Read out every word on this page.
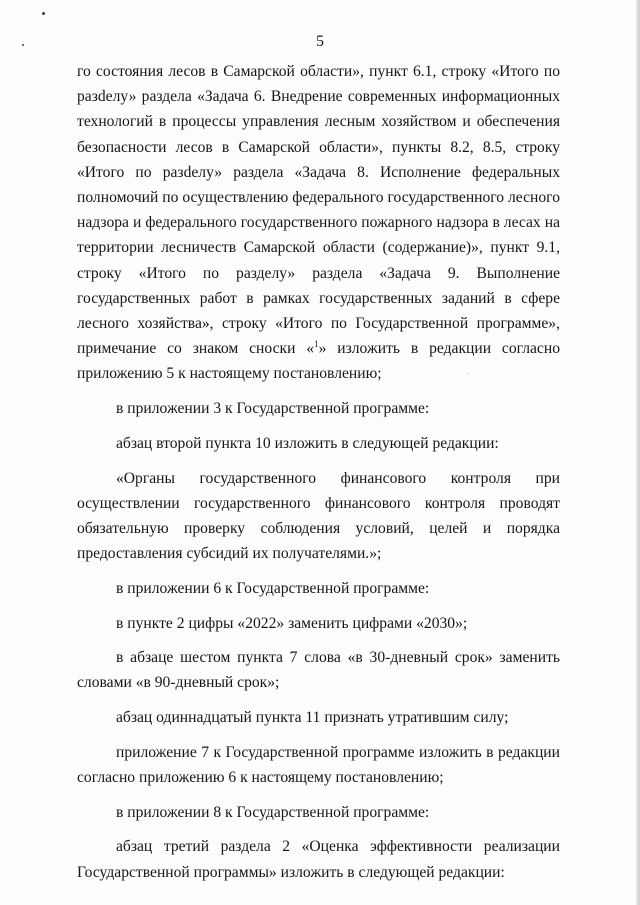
5

го состояния лесов в Самарской области», пункт 6.1, строку «Итого по разdелу» раздела «Задача 6. Внедрение современных информационных технологий в процессы управления лесным хозяйством и обеспечения безопасности лесов в Самарской области», пункты 8.2, 8.5, строку «Итого по разdелу» раздела «Задача 8. Исполнение федеральных полномочий по осуществлению федерального государственного лесного надзора и федерального государственного пожарного надзора в лесах на территории лесничеств Самарской области (содержание)», пункт 9.1, строку «Итого по разделу» раздела «Задача 9. Выполнение государственных работ в рамках государственных заданий в сфере лесного хозяйства», строку «Итого по Государственной программе», примечание со знаком сноски «$^1$» изложить в редакции согласно приложению 5 к настоящему постановлению;

в приложении 3 к Государственной программе:

абзац второй пункта 10 изложить в следующей редакции:

«Органы государственного финансового контроля при осуществлении государственного финансового контроля проводят обязательную проверку соблюдения условий, целей и порядка предоставления субсидий их получателями.»;

в приложении 6 к Государственной программе:

в пункте 2 цифры «2022» заменить цифрами «2030»;

в абзаце шестом пункта 7 слова «в 30-дневный срок» заменить словами «в 90-дневный срок»;

абзац одиннадцатый пункта 11 признать утратившим силу;

приложение 7 к Государственной программе изложить в редакции согласно приложению 6 к настоящему постановлению;

в приложении 8 к Государственной программе:

абзац третий раздела 2 «Оценка эффективности реализации Государственной программы» изложить в следующей редакции:
